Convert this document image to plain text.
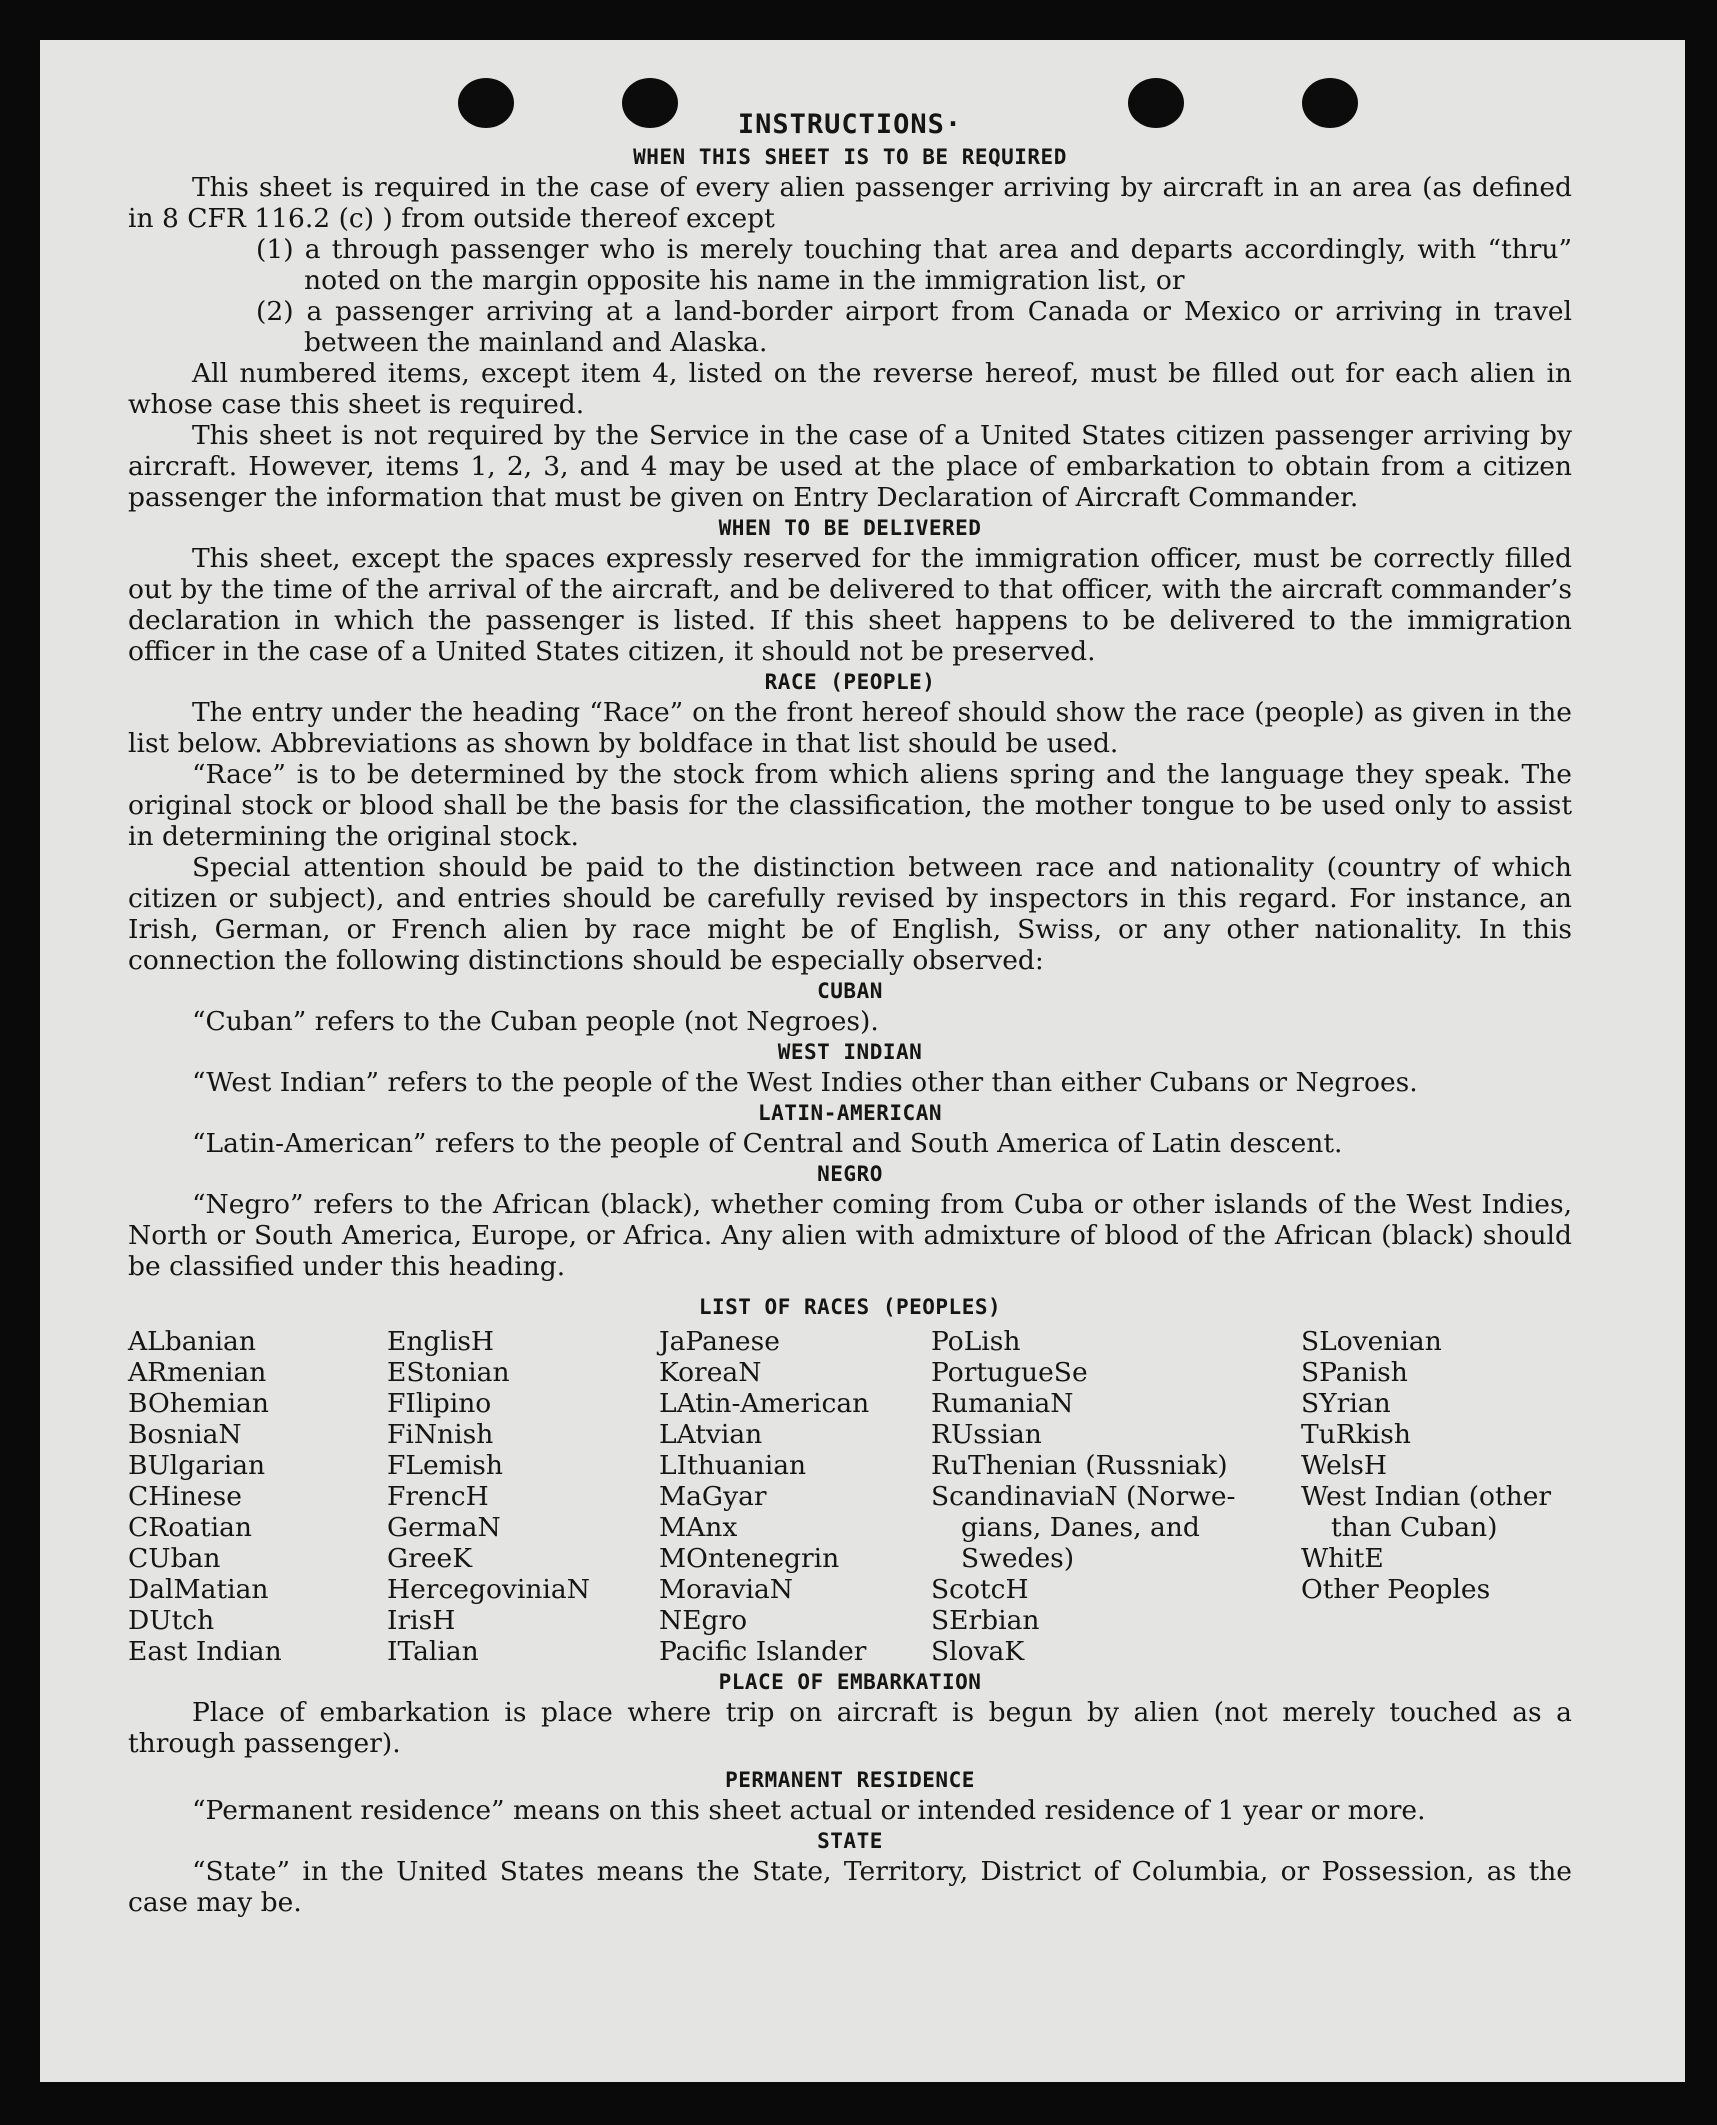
INSTRUCTIONS·
WHEN THIS SHEET IS TO BE REQUIRED

This sheet is required in the case of every alien passenger arriving by aircraft in an area (as defined in 8 CFR 116.2 (c) ) from outside thereof except

(1) a through passenger who is merely touching that area and departs accordingly, with “thru” noted on the margin opposite his name in the immigration list, or

(2) a passenger arriving at a land-border airport from Canada or Mexico or arriving in travel between the mainland and Alaska.

All numbered items, except item 4, listed on the reverse hereof, must be filled out for each alien in whose case this sheet is required.

This sheet is not required by the Service in the case of a United States citizen passenger arriving by aircraft. However, items 1, 2, 3, and 4 may be used at the place of embarkation to obtain from a citizen passenger the information that must be given on Entry Declaration of Aircraft Commander.

WHEN TO BE DELIVERED

This sheet, except the spaces expressly reserved for the immigration officer, must be correctly filled out by the time of the arrival of the aircraft, and be delivered to that officer, with the aircraft commander’s declaration in which the passenger is listed. If this sheet happens to be delivered to the immigration officer in the case of a United States citizen, it should not be preserved.

RACE (PEOPLE)

The entry under the heading “Race” on the front hereof should show the race (people) as given in the list below. Abbreviations as shown by boldface in that list should be used.

“Race” is to be determined by the stock from which aliens spring and the language they speak. The original stock or blood shall be the basis for the classification, the mother tongue to be used only to assist in determining the original stock.

Special attention should be paid to the distinction between race and nationality (country of which citizen or subject), and entries should be carefully revised by inspectors in this regard. For instance, an Irish, German, or French alien by race might be of English, Swiss, or any other nationality. In this connection the following distinctions should be especially observed:

CUBAN

“Cuban” refers to the Cuban people (not Negroes).

WEST INDIAN

“West Indian” refers to the people of the West Indies other than either Cubans or Negroes.

LATIN-AMERICAN

“Latin-American” refers to the people of Central and South America of Latin descent.

NEGRO

“Negro” refers to the African (black), whether coming from Cuba or other islands of the West Indies, North or South America, Europe, or Africa. Any alien with admixture of blood of the African (black) should be classified under this heading.

LIST OF RACES (PEOPLES)
ALbanian
ARmenian
BOhemian
BosniaN
BUlgarian
CHinese
CRoatian
CUban
DalMatian
DUtch
East Indian
EnglisH
EStonian
FIlipino
FiNnish
FLemish
FrencH
GermaN
GreeK
HercegoviniaN
IrisH
ITalian
JaPanese
KoreaN
LAtin-American
LAtvian
LIthuanian
MaGyar
MAnx
MOntenegrin
MoraviaN
NEgro
Pacific Islander
PoLish
PortugueSe
RumaniaN
RUssian
RuThenian (Russniak)
ScandinaviaN (Norwe-
gians, Danes, and
Swedes)
ScotcH
SErbian
SlovaK
SLovenian
SPanish
SYrian
TuRkish
WelsH
West Indian (other
than Cuban)
WhitE
Other Peoples
PLACE OF EMBARKATION

Place of embarkation is place where trip on aircraft is begun by alien (not merely touched as a through passenger).

PERMANENT RESIDENCE

“Permanent residence” means on this sheet actual or intended residence of 1 year or more.

STATE

“State” in the United States means the State, Territory, District of Columbia, or Possession, as the case may be.
